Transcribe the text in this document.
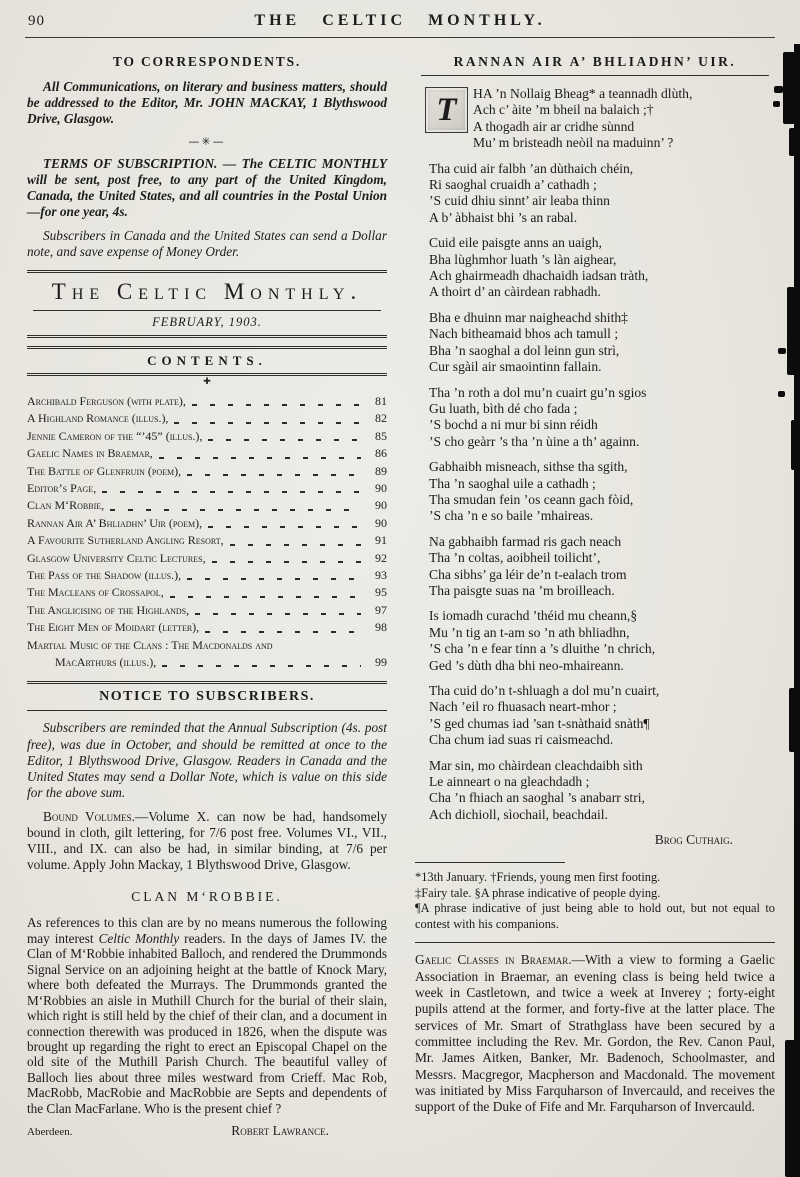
90	THE CELTIC MONTHLY.
TO CORRESPONDENTS.

All Communications, on literary and business matters, should be addressed to the Editor, Mr. JOHN MACKAY, 1 Blythswood Drive, Glasgow.

—✳—

TERMS OF SUBSCRIPTION. — The CELTIC MONTHLY will be sent, post free, to any part of the United Kingdom, Canada, the United States, and all countries in the Postal Union—for one year, 4s.

Subscribers in Canada and the United States can send a Dollar note, and save expense of Money Order.

The Celtic Monthly.
FEBRUARY, 1903.
CONTENTS.
✚
Archibald Ferguson (with plate),	81
A Highland Romance (illus.),	82
Jennie Cameron of the “’45” (illus.),	85
Gaelic Names in Braemar,	86
The Battle of Glenfruin (poem),	89
Editor’s Page,	90
Clan M‘Robbie,	90
Rannan Air A’ Bhliadhn’ Uir (poem),	90
A Favourite Sutherland Angling Resort,	91
Glasgow University Celtic Lectures,	92
The Pass of the Shadow (illus.),	93
The Macleans of Crossapol,	95
The Anglicising of the Highlands,	97
The Eight Men of Moidart (letter),	98
Martial Music of the Clans : The Macdonalds and
MacArthurs (illus.),	99
NOTICE TO SUBSCRIBERS.

Subscribers are reminded that the Annual Subscription (4s. post free), was due in October, and should be remitted at once to the Editor, 1 Blythswood Drive, Glasgow. Readers in Canada and the United States may send a Dollar Note, which is value on this side for the above sum.

Bound Volumes.—Volume X. can now be had, handsomely bound in cloth, gilt lettering, for 7/6 post free. Volumes VI., VII., VIII., and IX. can also be had, in similar binding, at 7/6 per volume. Apply John Mackay, 1 Blythswood Drive, Glasgow.

CLAN M‘ROBBIE.

As references to this clan are by no means numerous the following may interest Celtic Monthly readers. In the days of James IV. the Clan of M‘Robbie inhabited Balloch, and rendered the Drummonds Signal Service on an adjoining height at the battle of Knock Mary, where both defeated the Murrays. The Drummonds granted the M‘Robbies an aisle in Muthill Church for the burial of their slain, which right is still held by the chief of their clan, and a document in connection therewith was produced in 1826, when the dispute was brought up regarding the right to erect an Episcopal Chapel on the old site of the Muthill Parish Church. The beautiful valley of Balloch lies about three miles westward from Crieff. Mac Rob, MacRobb, MacRobie and MacRobbie are Septs and dependents of the Clan MacFarlane. Who is the present chief ?

Aberdeen.	Robert Lawrance.
RANNAN AIR A’ BHLIADHN’ UIR.
T	HA ’n Nollaig Bheag* a teannadh dlùth,
Ach c’ àite ’m bheil na balaich ;†
A thogadh air ar cridhe sùnnd
Mu’ m bristeadh neòil na maduinn’ ?
Tha cuid air falbh ’an dùthaich chéin,
Ri saoghal cruaidh a’ cathadh ;
’S cuid dhiu sinnt’ air leaba thinn
A b’ àbhaist bhi ’s an rabal.
Cuid eile paisgte anns an uaigh,
Bha lùghmhor luath ’s làn aighear,
Ach ghairmeadh dhachaidh iadsan tràth,
A thoirt d’ an càirdean rabhadh.
Bha e dhuinn mar naigheachd shith‡
Nach bitheamaid bhos ach tamull ;
Bha ’n saoghal a dol leinn gun strì,
Cur sgàil air smaointinn fallain.
Tha ’n roth a dol mu’n cuairt gu’n sgios
Gu luath, bìth dé cho fada ;
’S bochd a ni mur bi sinn réidh
’S cho geàrr ’s tha ’n ùine a th’ againn.
Gabhaibh misneach, sithse tha sgith,
Tha ’n saoghal uile a cathadh ;
Tha smudan fein ’os ceann gach fòid,
’S cha ’n e so baile ’mhaireas.
Na gabhaibh farmad ris gach neach
Tha ’n coltas, aoibheil toilicht’,
Cha sibhs’ ga léir de’n t-ealach trom
Tha paisgte suas na ’m broilleach.
Is iomadh curachd ’théid mu cheann,§
Mu ’n tig an t-am so ’n ath bhliadhn,
’S cha ’n e fear tinn a ’s dluithe ’n chrich,
Ged ’s dùth dha bhi neo-mhaireann.
Tha cuid do’n t-shluagh a dol mu’n cuairt,
Nach ’eil ro fhuasach neart-mhor ;
’S ged chumas iad ’san t-snàthaid snàth¶
Cha chum iad suas ri caismeachd.
Mar sin, mo chàirdean cleachdaibh sìth
Le ainneart o na gleachdadh ;
Cha ’n fhiach an saoghal ’s anabarr stri,
Ach dichioll, sìochail, beachdail.
Brog Cuthaig.
*13th January. †Friends, young men first footing.
‡Fairy tale. §A phrase indicative of people dying.
¶A phrase indicative of just being able to hold out, but not equal to contest with his companions.

Gaelic Classes in Braemar.—With a view to forming a Gaelic Association in Braemar, an evening class is being held twice a week in Castletown, and twice a week at Inverey ; forty-eight pupils attend at the former, and forty-five at the latter place. The services of Mr. Smart of Strathglass have been secured by a committee including the Rev. Mr. Gordon, the Rev. Canon Paul, Mr. James Aitken, Banker, Mr. Badenoch, Schoolmaster, and Messrs. Macgregor, Macpherson and Macdonald. The movement was initiated by Miss Farquharson of Invercauld, and receives the support of the Duke of Fife and Mr. Farquharson of Invercauld.
